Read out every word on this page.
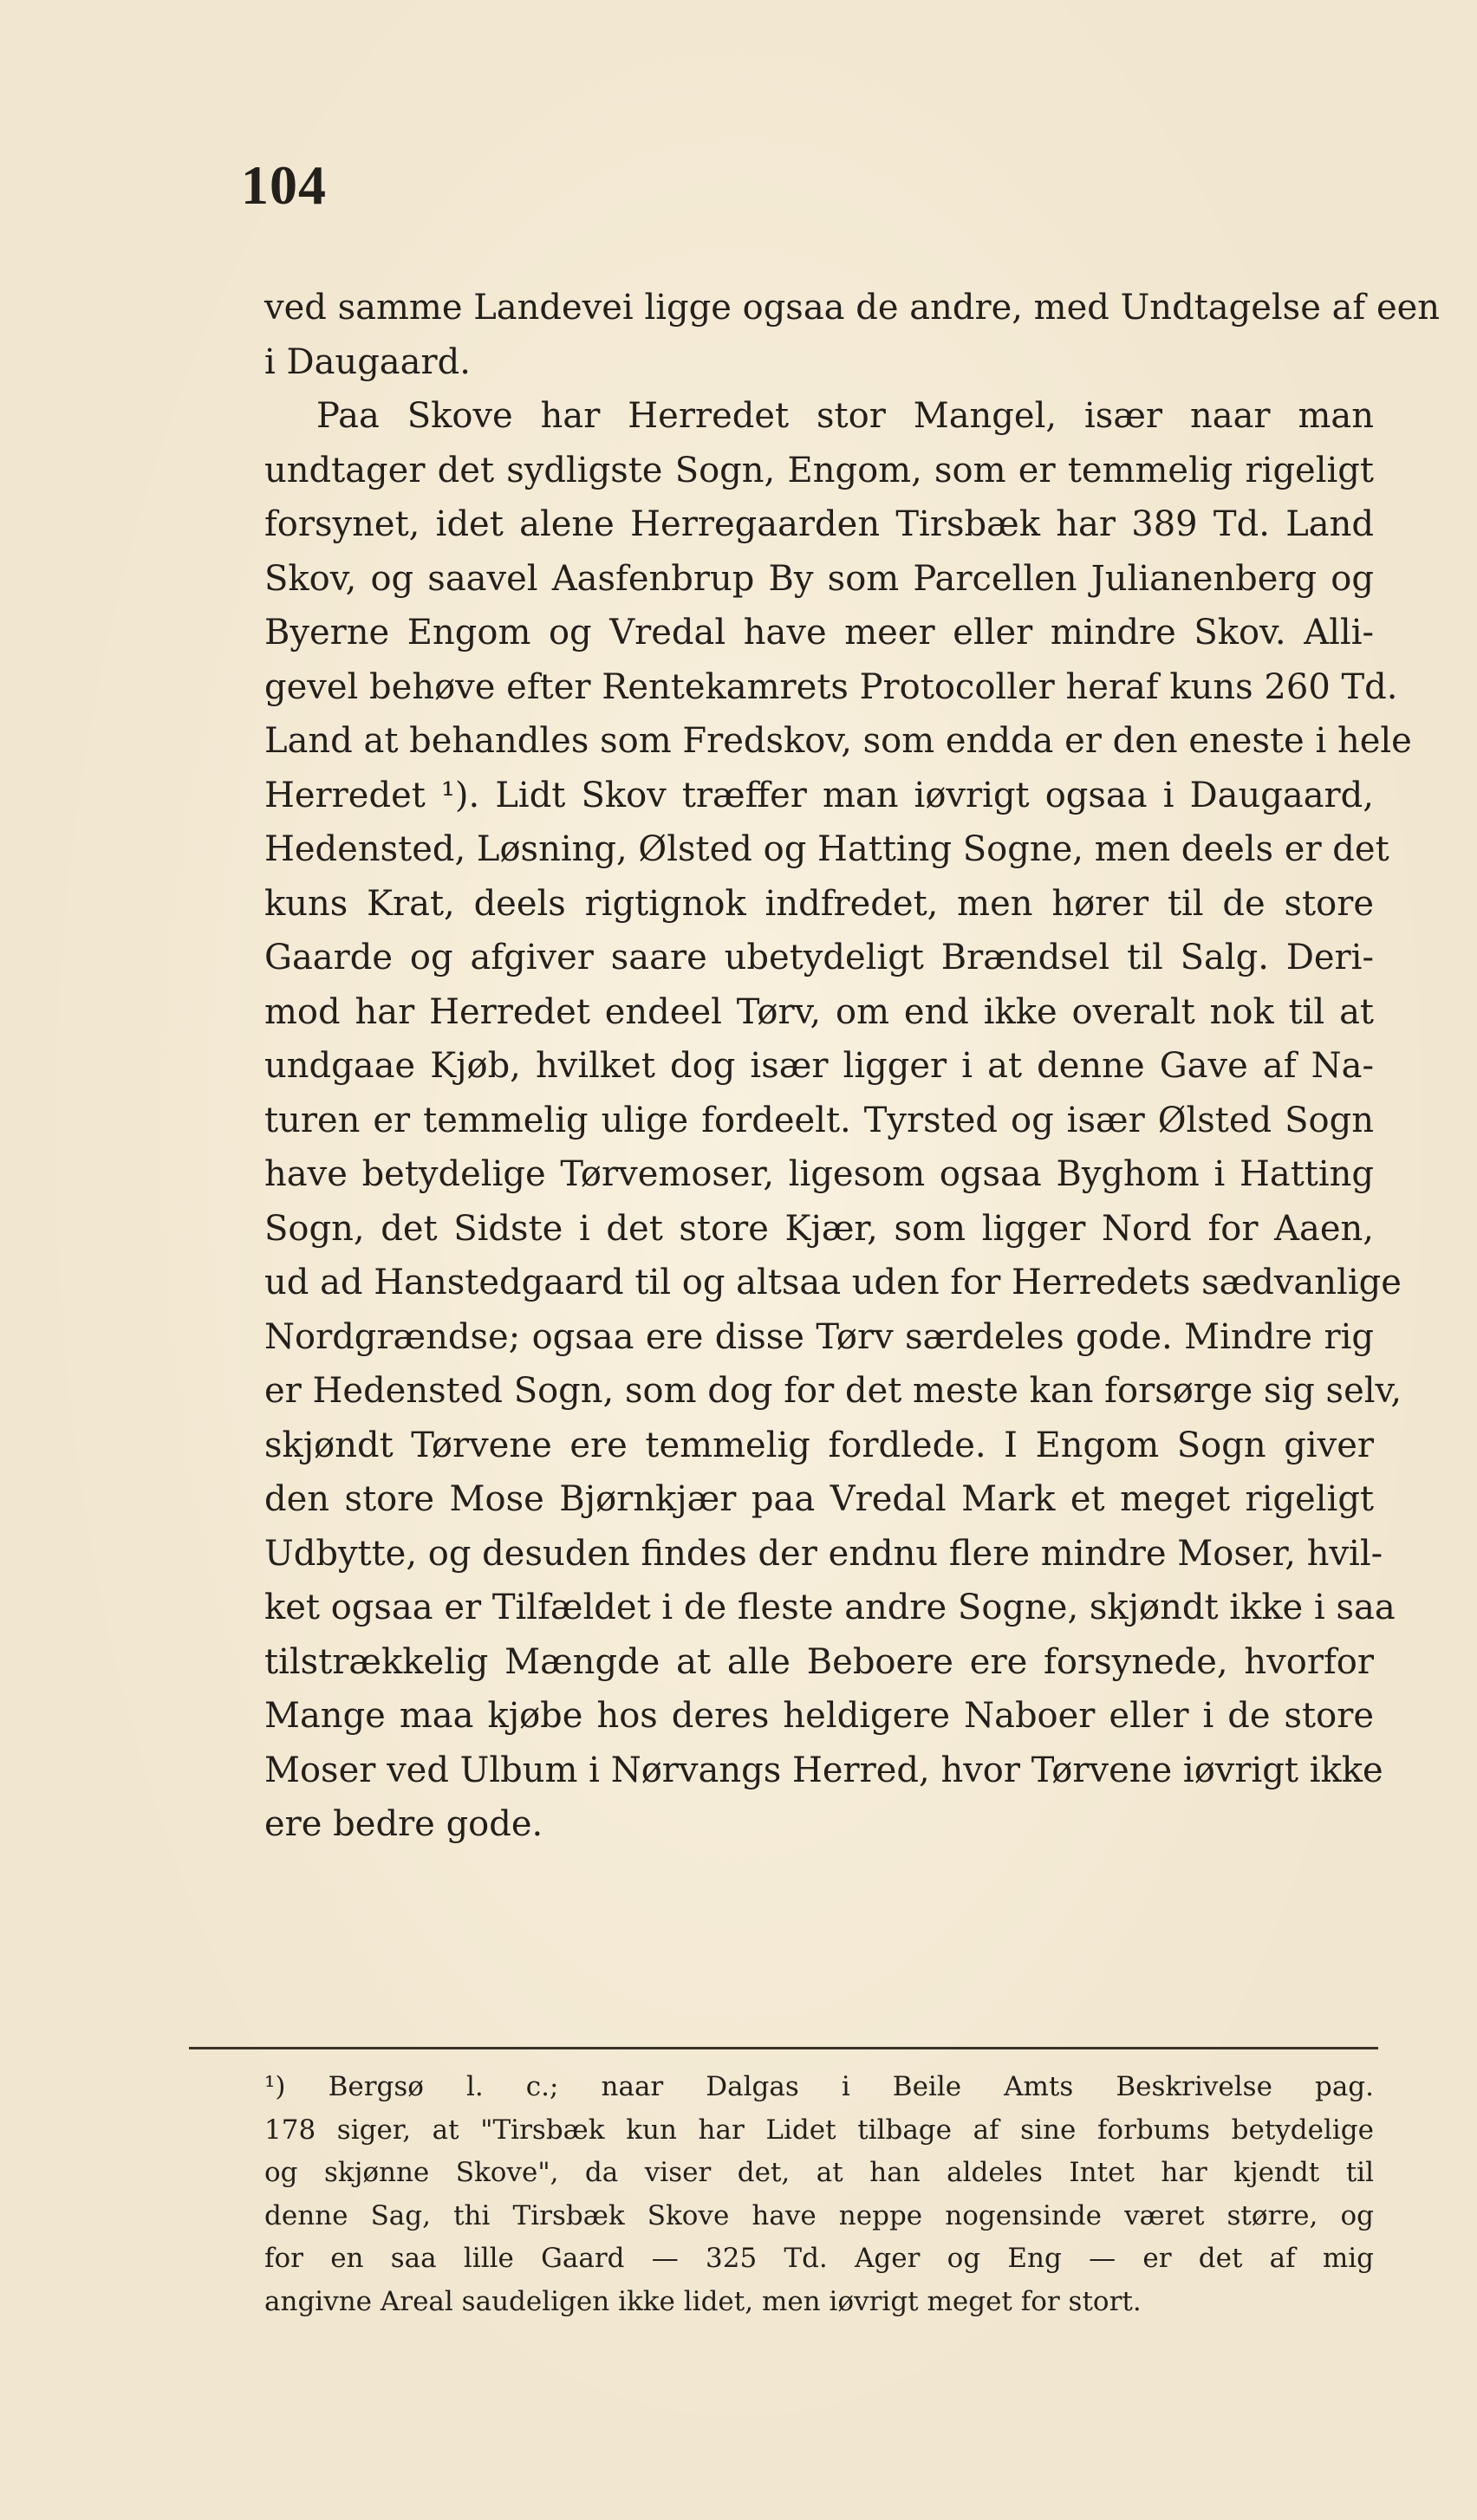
104
ved samme Landevei ligge ogsaa de andre, med Undtagelse af een
i Daugaard.
Paa Skove har Herredet stor Mangel, især naar man
undtager det sydligste Sogn, Engom, som er temmelig rigeligt
forsynet, idet alene Herregaarden Tirsbæk har 389 Td. Land
Skov, og saavel Aasfenbrup By som Parcellen Julianenberg og
Byerne Engom og Vredal have meer eller mindre Skov. Alli-
gevel behøve efter Rentekamrets Protocoller heraf kuns 260 Td.
Land at behandles som Fredskov, som endda er den eneste i hele
Herredet ¹). Lidt Skov træffer man iøvrigt ogsaa i Daugaard,
Hedensted, Løsning, Ølsted og Hatting Sogne, men deels er det
kuns Krat, deels rigtignok indfredet, men hører til de store
Gaarde og afgiver saare ubetydeligt Brændsel til Salg. Deri-
mod har Herredet endeel Tørv, om end ikke overalt nok til at
undgaae Kjøb, hvilket dog især ligger i at denne Gave af Na-
turen er temmelig ulige fordeelt. Tyrsted og især Ølsted Sogn
have betydelige Tørvemoser, ligesom ogsaa Byghom i Hatting
Sogn, det Sidste i det store Kjær, som ligger Nord for Aaen,
ud ad Hanstedgaard til og altsaa uden for Herredets sædvanlige
Nordgrændse; ogsaa ere disse Tørv særdeles gode. Mindre rig
er Hedensted Sogn, som dog for det meste kan forsørge sig selv,
skjøndt Tørvene ere temmelig fordlede. I Engom Sogn giver
den store Mose Bjørnkjær paa Vredal Mark et meget rigeligt
Udbytte, og desuden findes der endnu flere mindre Moser, hvil-
ket ogsaa er Tilfældet i de fleste andre Sogne, skjøndt ikke i saa
tilstrækkelig Mængde at alle Beboere ere forsynede, hvorfor
Mange maa kjøbe hos deres heldigere Naboer eller i de store
Moser ved Ulbum i Nørvangs Herred, hvor Tørvene iøvrigt ikke
ere bedre gode.
¹) Bergsø l. c.; naar Dalgas i Beile Amts Beskrivelse pag.
178 siger, at "Tirsbæk kun har Lidet tilbage af sine forbums betydelige
og skjønne Skove", da viser det, at han aldeles Intet har kjendt til
denne Sag, thi Tirsbæk Skove have neppe nogensinde været større, og
for en saa lille Gaard — 325 Td. Ager og Eng — er det af mig
angivne Areal saudeligen ikke lidet, men iøvrigt meget for stort.
